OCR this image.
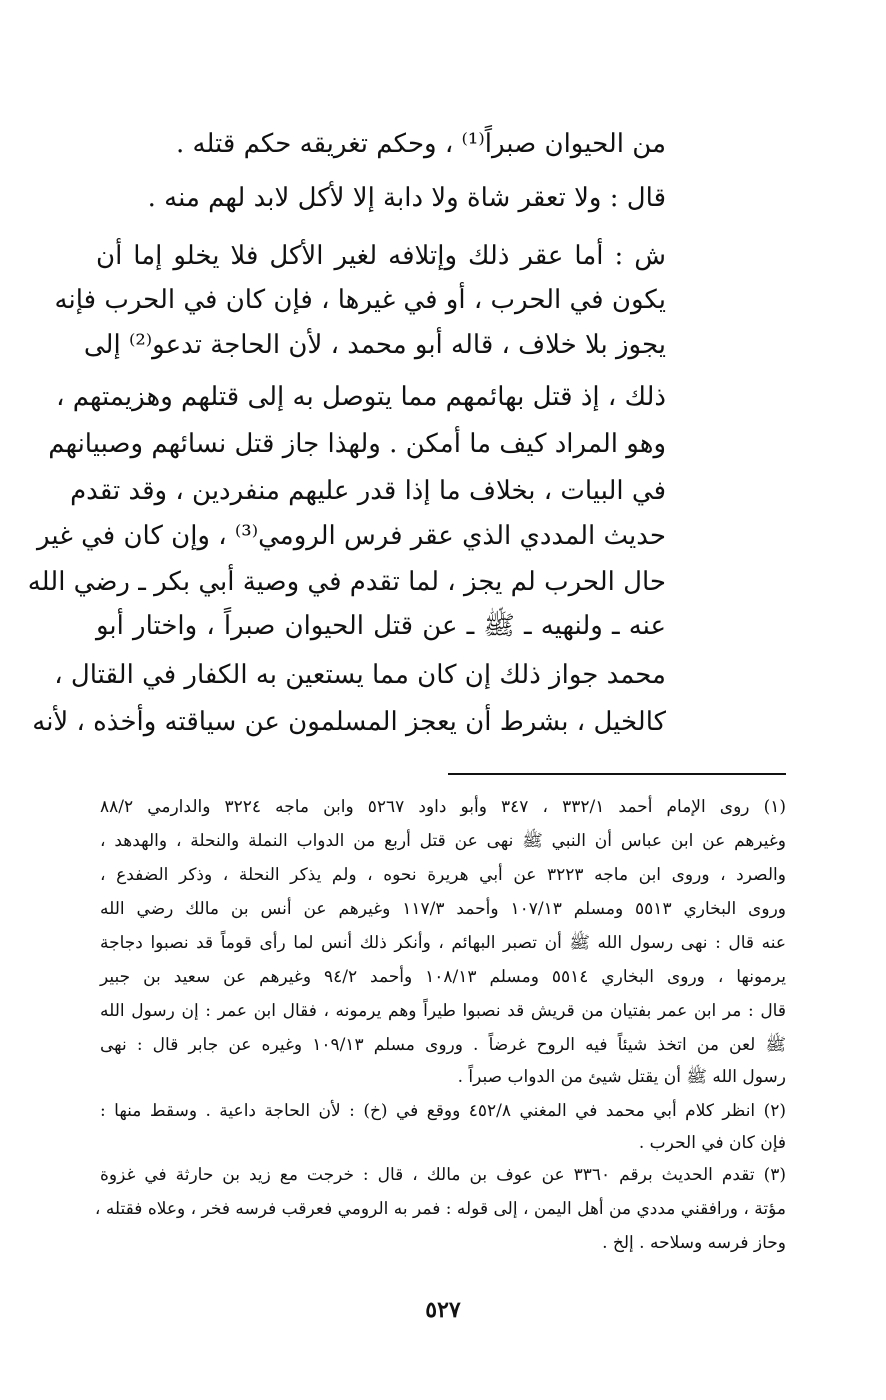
من الحيوان صبراً⁽¹⁾ ، وحكم تغريقه حكم قتله .
قال : ولا تعقر شاة ولا دابة إلا لأكل لابد لهم منه .
ش : أما عقر ذلك وإتلافه لغير الأكل فلا يخلو إما أن
يكون في الحرب ، أو في غيرها ، فإن كان في الحرب فإنه
يجوز بلا خلاف ، قاله أبو محمد ، لأن الحاجة تدعو⁽²⁾ إلى
ذلك ، إذ قتل بهائمهم مما يتوصل به إلى قتلهم وهزيمتهم ،
وهو المراد كيف ما أمكن . ولهذا جاز قتل نسائهم وصبيانهم
في البيات ، بخلاف ما إذا قدر عليهم منفردين ، وقد تقدم
حديث المددي الذي عقر فرس الرومي⁽³⁾ ، وإن كان في غير
حال الحرب لم يجز ، لما تقدم في وصية أبي بكر ـ رضي الله
عنه ـ ولنهيه ـ ﷺ ـ عن قتل الحيوان صبراً ، واختار أبو
محمد جواز ذلك إن كان مما يستعين به الكفار في القتال ،
كالخيل ، بشرط أن يعجز المسلمون عن سياقته وأخذه ، لأنه
(١) روى الإمام أحمد ٣٣٢/١ ، ٣٤٧ وأبو داود ٥٢٦٧ وابن ماجه ٣٢٢٤ والدارمي ٨٨/٢
وغيرهم عن ابن عباس أن النبي ﷺ نهى عن قتل أربع من الدواب النملة والنحلة ، والهدهد ،
والصرد ، وروى ابن ماجه ٣٢٢٣ عن أبي هريرة نحوه ، ولم يذكر النحلة ، وذكر الضفدع ،
وروى البخاري ٥٥١٣ ومسلم ١٠٧/١٣ وأحمد ١١٧/٣ وغيرهم عن أنس بن مالك رضي الله
عنه قال : نهى رسول الله ﷺ أن تصبر البهائم ، وأنكر ذلك أنس لما رأى قوماً قد نصبوا دجاجة
يرمونها ، وروى البخاري ٥٥١٤ ومسلم ١٠٨/١٣ وأحمد ٩٤/٢ وغيرهم عن سعيد بن جبير
قال : مر ابن عمر بفتيان من قريش قد نصبوا طيراً وهم يرمونه ، فقال ابن عمر : إن رسول الله
ﷺ لعن من اتخذ شيئاً فيه الروح غرضاً . وروى مسلم ١٠٩/١٣ وغيره عن جابر قال : نهى
رسول الله ﷺ أن يقتل شيئ من الدواب صبراً .
(٢) انظر كلام أبي محمد في المغني ٤٥٢/٨ ووقع في (خ) : لأن الحاجة داعية . وسقط منها :
فإن كان في الحرب .
(٣) تقدم الحديث برقم ٣٣٦٠ عن عوف بن مالك ، قال : خرجت مع زيد بن حارثة في غزوة
مؤتة ، ورافقني مددي من أهل اليمن ، إلى قوله : فمر به الرومي فعرقب فرسه فخر ، وعلاه فقتله ،
وحاز فرسه وسلاحه . إلخ .
٥٢٧
